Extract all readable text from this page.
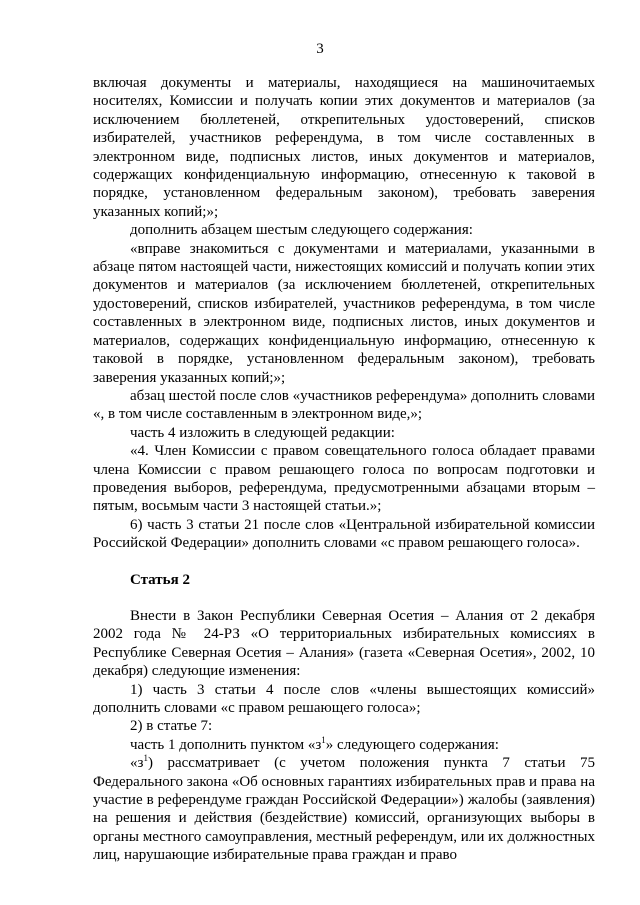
3

включая документы и материалы, находящиеся на машиночитаемых носителях, Комиссии и получать копии этих документов и материалов (за исключением бюллетеней, открепительных удостоверений, списков избирателей, участников референдума, в том числе составленных в электронном виде, подписных листов, иных документов и материалов, содержащих конфиденциальную информацию, отнесенную к таковой в порядке, установленном федеральным законом), требовать заверения указанных копий;»;

дополнить абзацем шестым следующего содержания:

«вправе знакомиться с документами и материалами, указанными в абзаце пятом настоящей части, нижестоящих комиссий и получать копии этих документов и материалов (за исключением бюллетеней, открепительных удостоверений, списков избирателей, участников референдума, в том числе составленных в электронном виде, подписных листов, иных документов и материалов, содержащих конфиденциальную информацию, отнесенную к таковой в порядке, установленном федеральным законом), требовать заверения указанных копий;»;

абзац шестой после слов «участников референдума» дополнить словами «, в том числе составленным в электронном виде,»;

часть 4 изложить в следующей редакции:

«4. Член Комиссии с правом совещательного голоса обладает правами члена Комиссии с правом решающего голоса по вопросам подготовки и проведения выборов, референдума, предусмотренными абзацами вторым – пятым, восьмым части 3 настоящей статьи.»;

6) часть 3 статьи 21 после слов «Центральной избирательной комиссии Российской Федерации» дополнить словами «с правом решающего голоса».

Статья 2

Внести в Закон Республики Северная Осетия – Алания от 2 декабря 2002 года № 24-РЗ «О территориальных избирательных комиссиях в Республике Северная Осетия – Алания» (газета «Северная Осетия», 2002, 10 декабря) следующие изменения:

1) часть 3 статьи 4 после слов «члены вышестоящих комиссий» дополнить словами «с правом решающего голоса»;

2) в статье 7:

часть 1 дополнить пунктом «$з^1$» следующего содержания:

«$з^1$) рассматривает (с учетом положения пункта 7 статьи 75 Федерального закона «Об основных гарантиях избирательных прав и права на участие в референдуме граждан Российской Федерации») жалобы (заявления) на решения и действия (бездействие) комиссий, организующих выборы в органы местного самоуправления, местный референдум, или их должностных лиц, нарушающие избирательные права граждан и право
